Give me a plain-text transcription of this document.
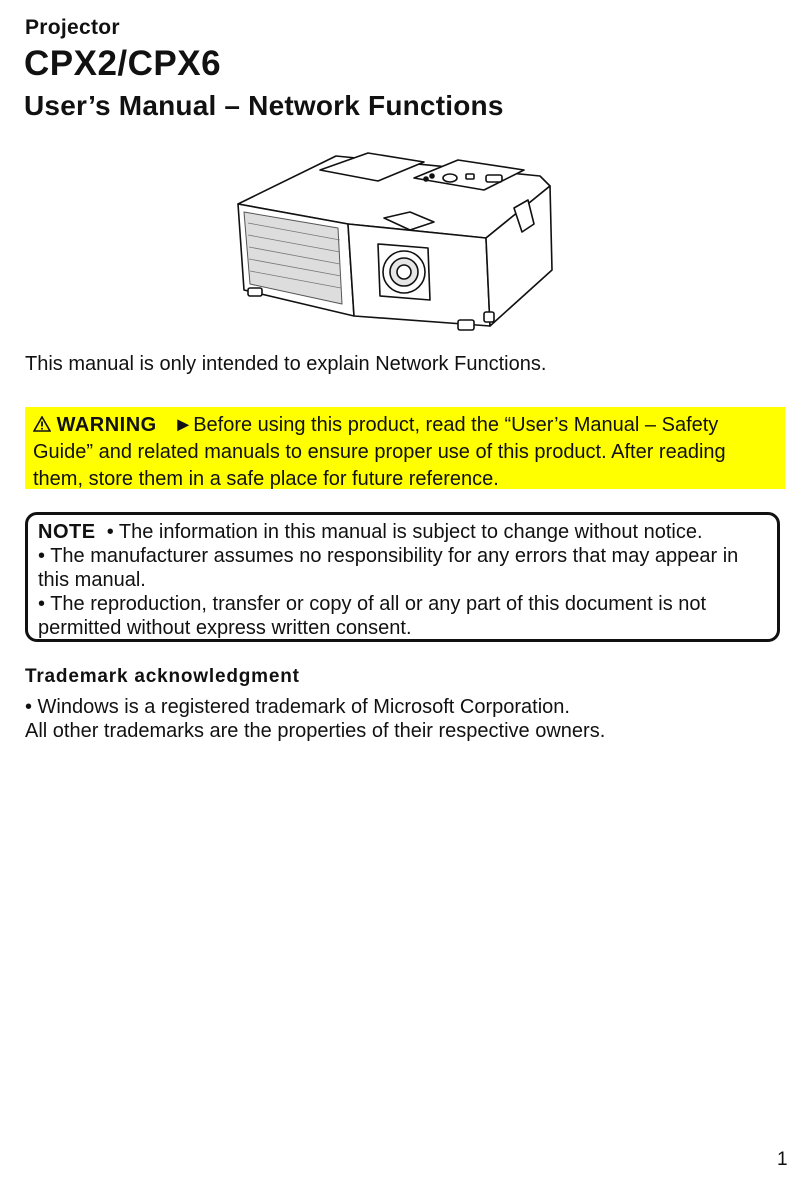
Projector
CPX2/CPX6
User’s Manual – Network Functions
This manual is only intended to explain Network Functions.
WARNING ►Before using this product, read the “User’s Manual – Safety Guide” and related manuals to ensure proper use of this product. After reading them, store them in a safe place for future reference.

NOTE • The information in this manual is subject to change without notice.

• The manufacturer assumes no responsibility for any errors that may appear in this manual.

• The reproduction, transfer or copy of all or any part of this document is not permitted without express written consent.

Trademark acknowledgment

• Windows is a registered trademark of Microsoft Corporation.

All other trademarks are the properties of their respective owners.

1
